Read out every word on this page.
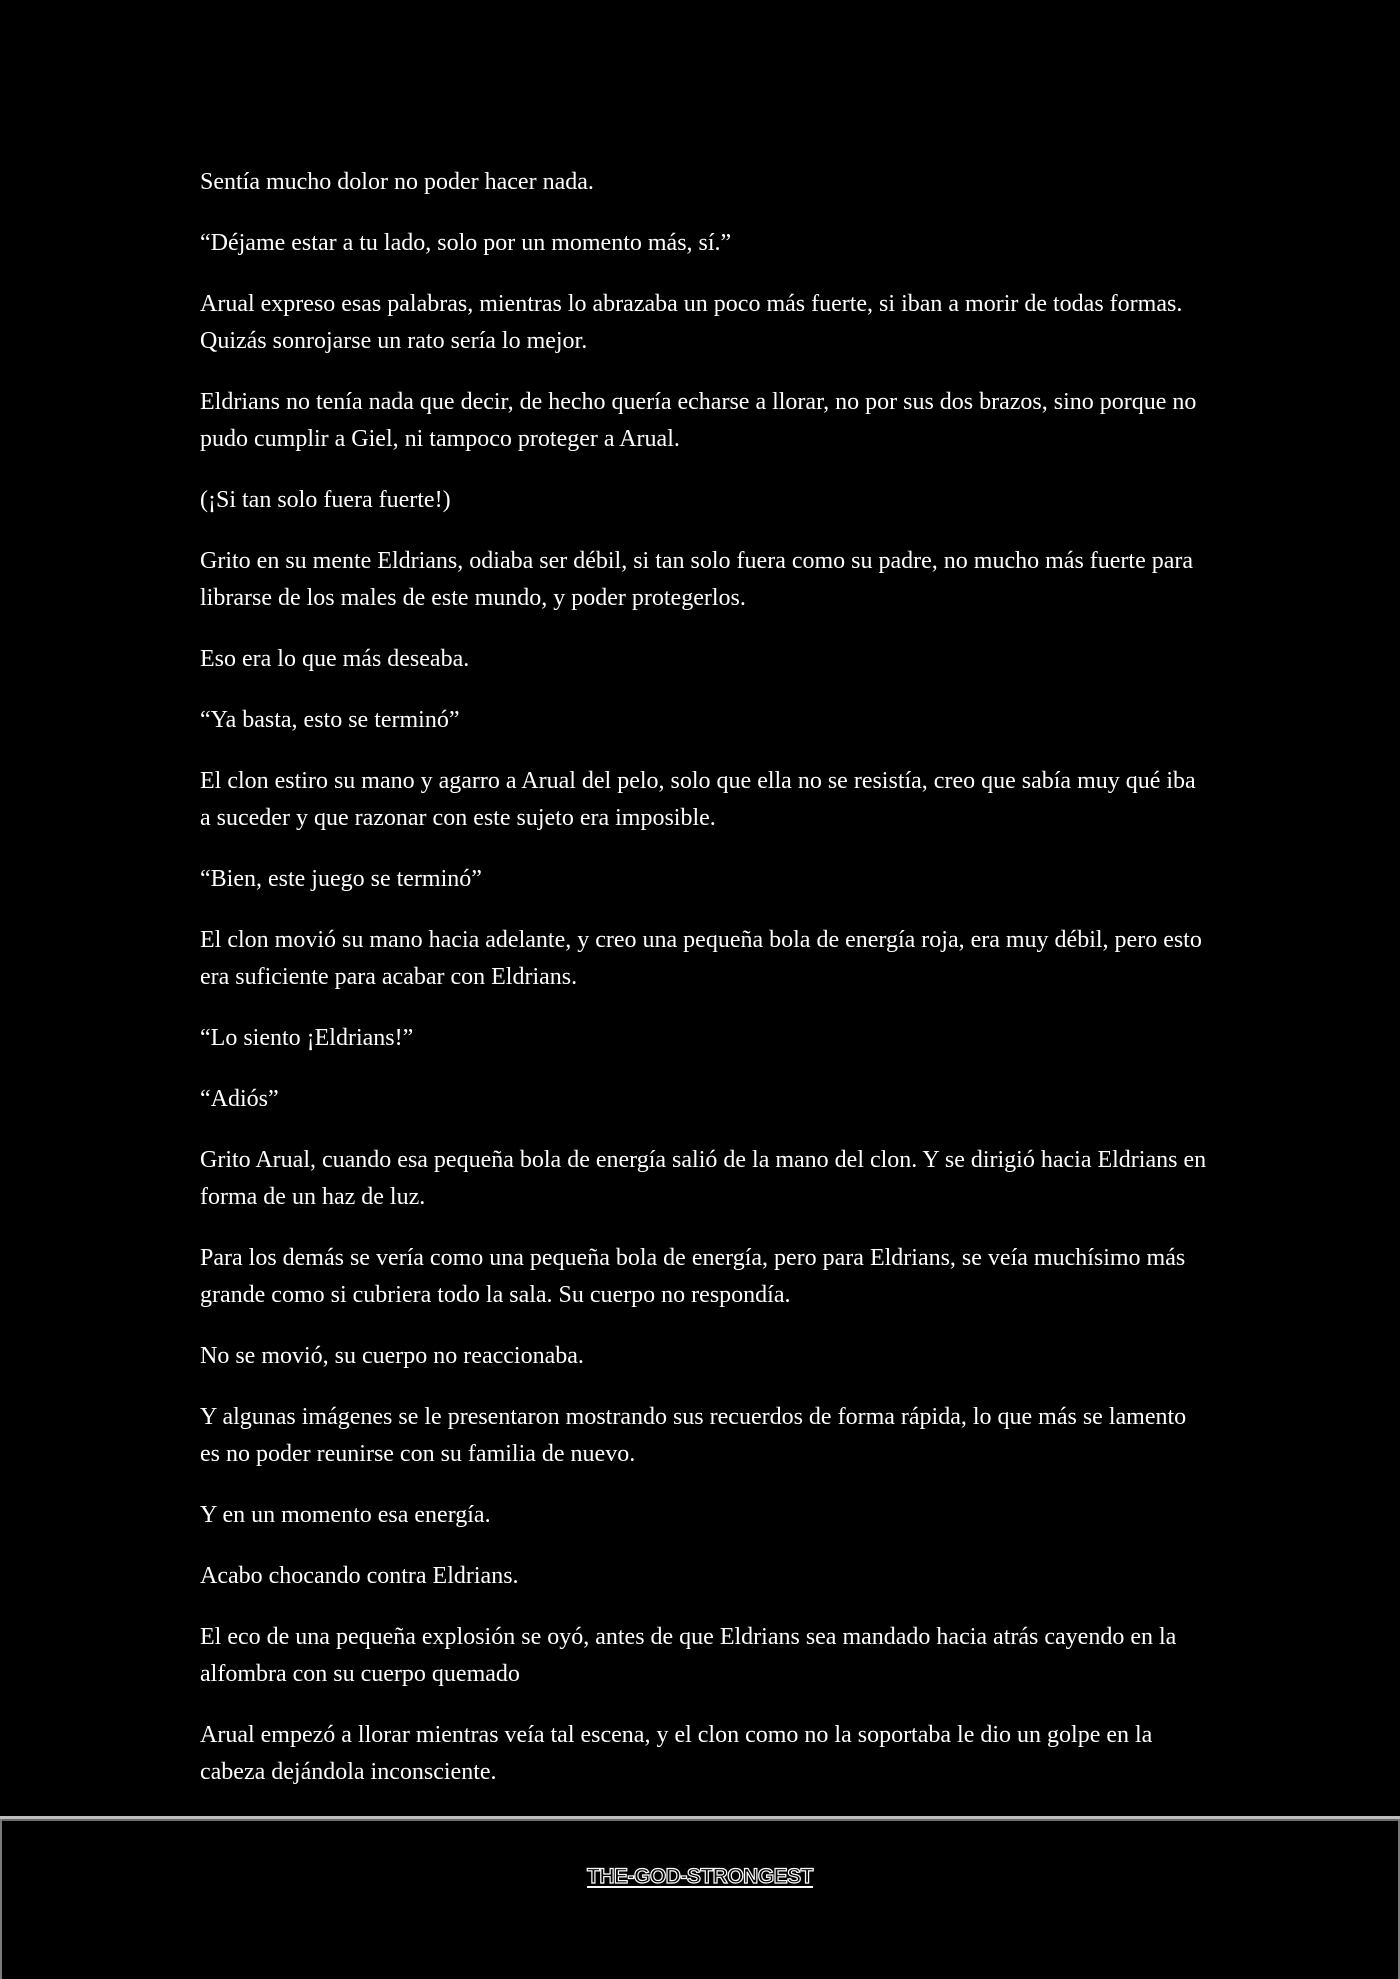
Sentía mucho dolor no poder hacer nada.

“Déjame estar a tu lado, solo por un momento más, sí.”

Arual expreso esas palabras, mientras lo abrazaba un poco más fuerte, si iban a morir de todas formas. Quizás sonrojarse un rato sería lo mejor.

Eldrians no tenía nada que decir, de hecho quería echarse a llorar, no por sus dos brazos, sino porque no pudo cumplir a Giel, ni tampoco proteger a Arual.

(¡Si tan solo fuera fuerte!)

Grito en su mente Eldrians, odiaba ser débil, si tan solo fuera como su padre, no mucho más fuerte para librarse de los males de este mundo, y poder protegerlos.

Eso era lo que más deseaba.

“Ya basta, esto se terminó”

El clon estiro su mano y agarro a Arual del pelo, solo que ella no se resistía, creo que sabía muy qué iba a suceder y que razonar con este sujeto era imposible.

“Bien, este juego se terminó”

El clon movió su mano hacia adelante, y creo una pequeña bola de energía roja, era muy débil, pero esto era suficiente para acabar con Eldrians.

“Lo siento ¡Eldrians!”

“Adiós”

Grito Arual, cuando esa pequeña bola de energía salió de la mano del clon. Y se dirigió hacia Eldrians en forma de un haz de luz.

Para los demás se vería como una pequeña bola de energía, pero para Eldrians, se veía muchísimo más grande como si cubriera todo la sala. Su cuerpo no respondía.

No se movió, su cuerpo no reaccionaba.

Y algunas imágenes se le presentaron mostrando sus recuerdos de forma rápida, lo que más se lamento es no poder reunirse con su familia de nuevo.

Y en un momento esa energía.

Acabo chocando contra Eldrians.

El eco de una pequeña explosión se oyó, antes de que Eldrians sea mandado hacia atrás cayendo en la alfombra con su cuerpo quemado

Arual empezó a llorar mientras veía tal escena, y el clon como no la soportaba le dio un golpe en la cabeza dejándola inconsciente.

THE-GOD-STRONGEST
